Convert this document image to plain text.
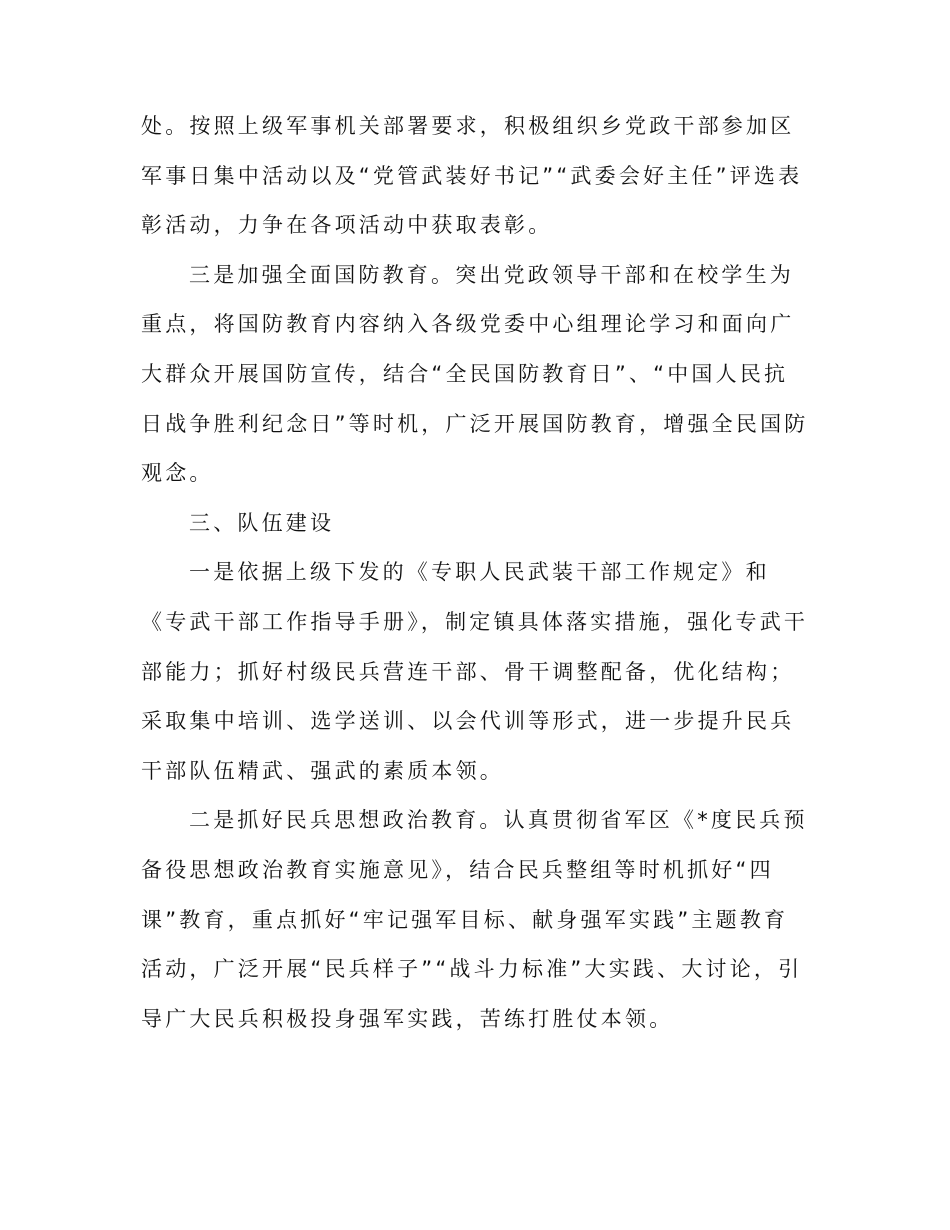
处。按照上级军事机关部署要求，积极组织乡党政干部参加区军事日集中活动以及“党管武装好书记”“武委会好主任”评选表彰活动，力争在各项活动中获取表彰。

三是加强全面国防教育。突出党政领导干部和在校学生为重点，将国防教育内容纳入各级党委中心组理论学习和面向广大群众开展国防宣传，结合“全民国防教育日”、“中国人民抗日战争胜利纪念日”等时机，广泛开展国防教育，增强全民国防观念。

三、队伍建设

一是依据上级下发的《专职人民武装干部工作规定》和《专武干部工作指导手册》，制定镇具体落实措施，强化专武干部能力；抓好村级民兵营连干部、骨干调整配备，优化结构；采取集中培训、选学送训、以会代训等形式，进一步提升民兵干部队伍精武、强武的素质本领。

二是抓好民兵思想政治教育。认真贯彻省军区《*度民兵预备役思想政治教育实施意见》，结合民兵整组等时机抓好“四课”教育，重点抓好“牢记强军目标、献身强军实践”主题教育活动，广泛开展“民兵样子”“战斗力标准”大实践、大讨论，引导广大民兵积极投身强军实践，苦练打胜仗本领。
